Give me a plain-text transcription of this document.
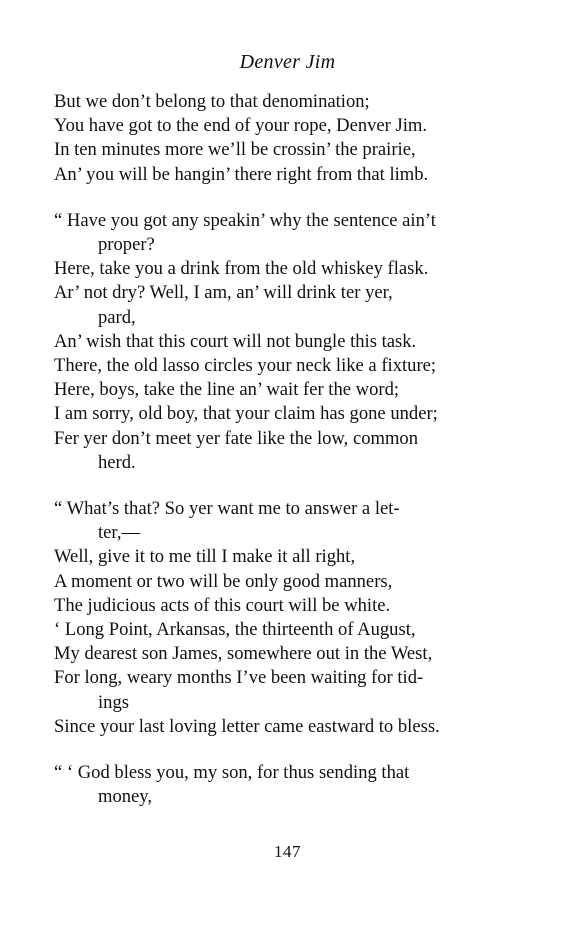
Denver Jim
But we don’t belong to that denomination;
You have got to the end of your rope, Denver Jim.
In ten minutes more we’ll be crossin’ the prairie,
An’ you will be hangin’ there right from that limb.
“ Have you got any speakin’ why the sentence ain’t
proper?
Here, take you a drink from the old whiskey flask.
Ar’ not dry? Well, I am, an’ will drink ter yer,
pard,
An’ wish that this court will not bungle this task.
There, the old lasso circles your neck like a fixture;
Here, boys, take the line an’ wait fer the word;
I am sorry, old boy, that your claim has gone under;
Fer yer don’t meet yer fate like the low, common
herd.
“ What’s that? So yer want me to answer a let-
ter,—
Well, give it to me till I make it all right,
A moment or two will be only good manners,
The judicious acts of this court will be white.
‘ Long Point, Arkansas, the thirteenth of August,
My dearest son James, somewhere out in the West,
For long, weary months I’ve been waiting for tid-
ings
Since your last loving letter came eastward to bless.
“ ‘ God bless you, my son, for thus sending that
money,
147
